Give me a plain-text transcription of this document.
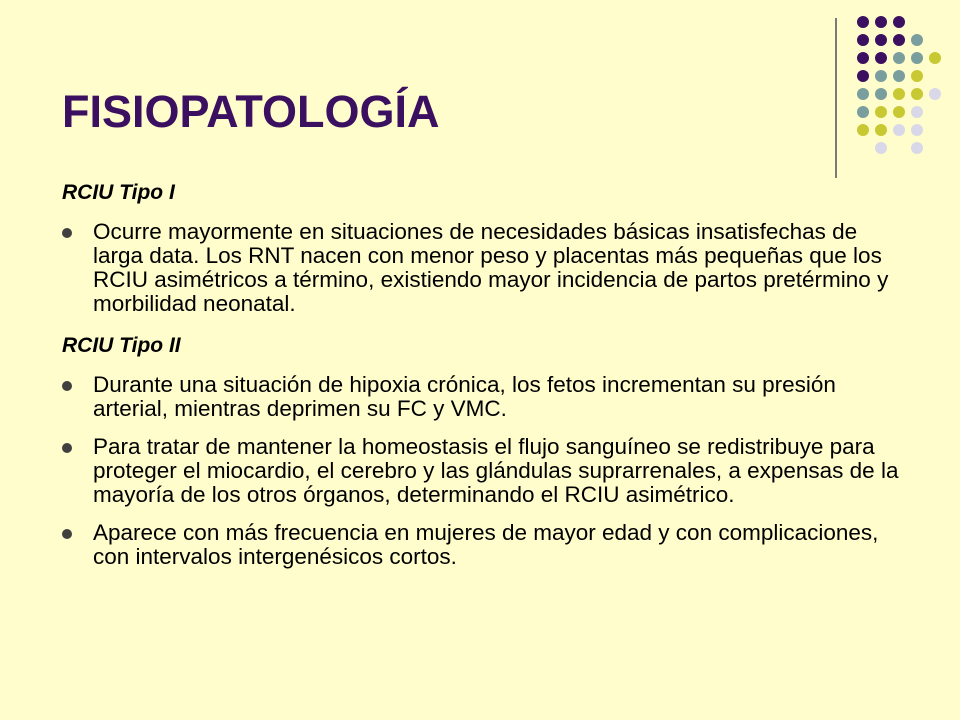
FISIOPATOLOGÍA

RCIU Tipo I

Ocurre mayormente en situaciones de necesidades básicas insatisfechas de larga data. Los RNT nacen con menor peso y placentas más pequeñas que los RCIU asimétricos a término, existiendo mayor incidencia de partos pretérmino y morbilidad neonatal.

RCIU Tipo II

Durante una situación de hipoxia crónica, los fetos incrementan su presión arterial, mientras deprimen su FC y VMC.
Para tratar de mantener la homeostasis el flujo sanguíneo se redistribuye para proteger el miocardio, el cerebro y las glándulas suprarrenales, a expensas de la mayoría de los otros órganos, determinando el RCIU asimétrico.
Aparece con más frecuencia en mujeres de mayor edad y con complicaciones, con intervalos intergenésicos cortos.
